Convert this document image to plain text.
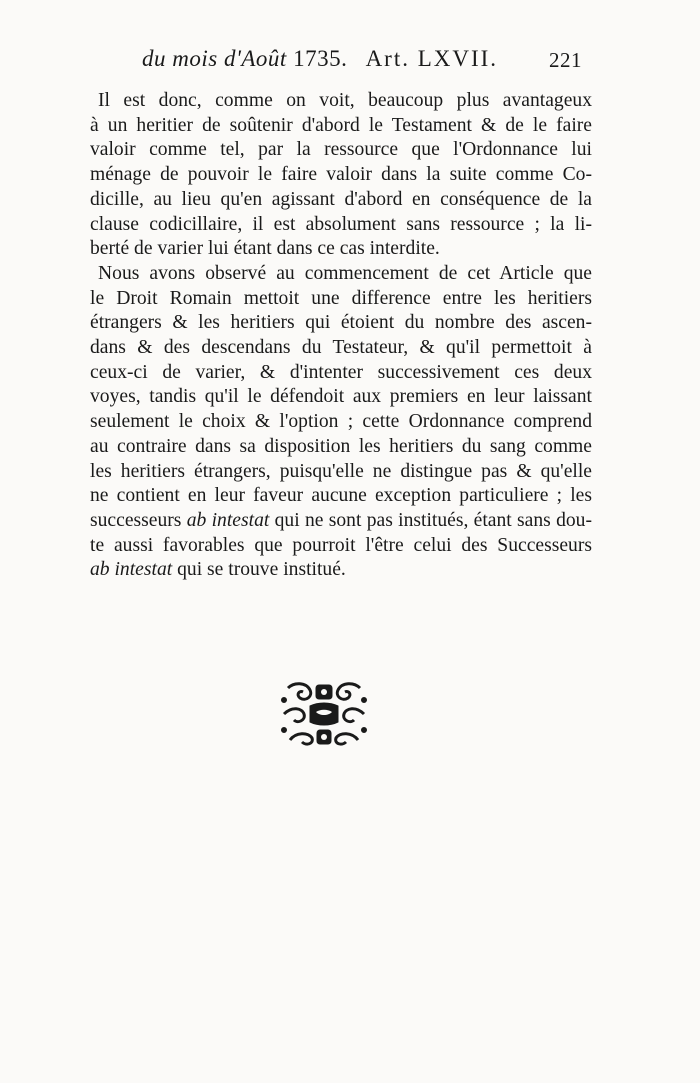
du mois d'Août 1735. Art. LXVII. 221

Il est donc, comme on voit, beaucoup plus avantageux
à un heritier de soûtenir d'abord le Testament & de le faire
valoir comme tel, par la ressource que l'Ordonnance lui
ménage de pouvoir le faire valoir dans la suite comme Co-
dicille, au lieu qu'en agissant d'abord en conséquence de la
clause codicillaire, il est absolument sans ressource ; la li-
berté de varier lui étant dans ce cas interdite.

Nous avons observé au commencement de cet Article que
le Droit Romain mettoit une difference entre les heritiers
étrangers & les heritiers qui étoient du nombre des ascen-
dans & des descendans du Testateur, & qu'il permettoit à
ceux-ci de varier, & d'intenter successivement ces deux
voyes, tandis qu'il le défendoit aux premiers en leur laissant
seulement le choix & l'option ; cette Ordonnance comprend
au contraire dans sa disposition les heritiers du sang comme
les heritiers étrangers, puisqu'elle ne distingue pas & qu'elle
ne contient en leur faveur aucune exception particuliere ; les
successeurs ab intestat qui ne sont pas institués, étant sans dou-
te aussi favorables que pourroit l'être celui des Successeurs
ab intestat qui se trouve institué.
